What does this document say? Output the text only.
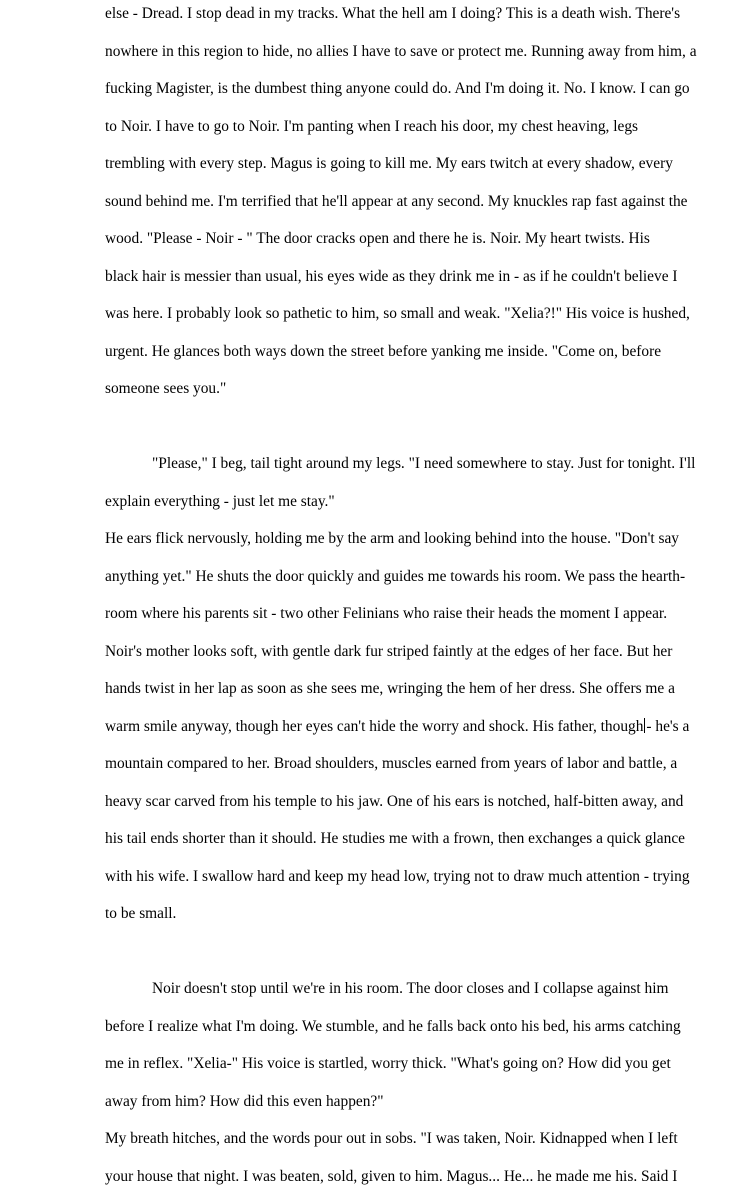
else - Dread. I stop dead in my tracks. What the hell am I doing? This is a death wish. There's
nowhere in this region to hide, no allies I have to save or protect me. Running away from him, a
fucking Magister, is the dumbest thing anyone could do. And I'm doing it. No. I know. I can go
to Noir. I have to go to Noir. I'm panting when I reach his door, my chest heaving, legs
trembling with every step. Magus is going to kill me. My ears twitch at every shadow, every
sound behind me. I'm terrified that he'll appear at any second. My knuckles rap fast against the
wood. "Please - Noir - " The door cracks open and there he is. Noir. My heart twists. His
black hair is messier than usual, his eyes wide as they drink me in - as if he couldn't believe I
was here. I probably look so pathetic to him, so small and weak. "Xelia?!" His voice is hushed,
urgent. He glances both ways down the street before yanking me inside. "Come on, before
someone sees you."
"Please," I beg, tail tight around my legs. "I need somewhere to stay. Just for tonight. I'll
explain everything - just let me stay."
He ears flick nervously, holding me by the arm and looking behind into the house. "Don't say
anything yet." He shuts the door quickly and guides me towards his room. We pass the hearth-
room where his parents sit - two other Felinians who raise their heads the moment I appear.
Noir's mother looks soft, with gentle dark fur striped faintly at the edges of her face. But her
hands twist in her lap as soon as she sees me, wringing the hem of her dress. She offers me a
warm smile anyway, though her eyes can't hide the worry and shock. His father, though - he's a
mountain compared to her. Broad shoulders, muscles earned from years of labor and battle, a
heavy scar carved from his temple to his jaw. One of his ears is notched, half-bitten away, and
his tail ends shorter than it should. He studies me with a frown, then exchanges a quick glance
with his wife. I swallow hard and keep my head low, trying not to draw much attention - trying
to be small.
Noir doesn't stop until we're in his room. The door closes and I collapse against him
before I realize what I'm doing. We stumble, and he falls back onto his bed, his arms catching
me in reflex. "Xelia-" His voice is startled, worry thick. "What's going on? How did you get
away from him? How did this even happen?"
My breath hitches, and the words pour out in sobs. "I was taken, Noir. Kidnapped when I left
your house that night. I was beaten, sold, given to him. Magus... He... he made me his. Said I
